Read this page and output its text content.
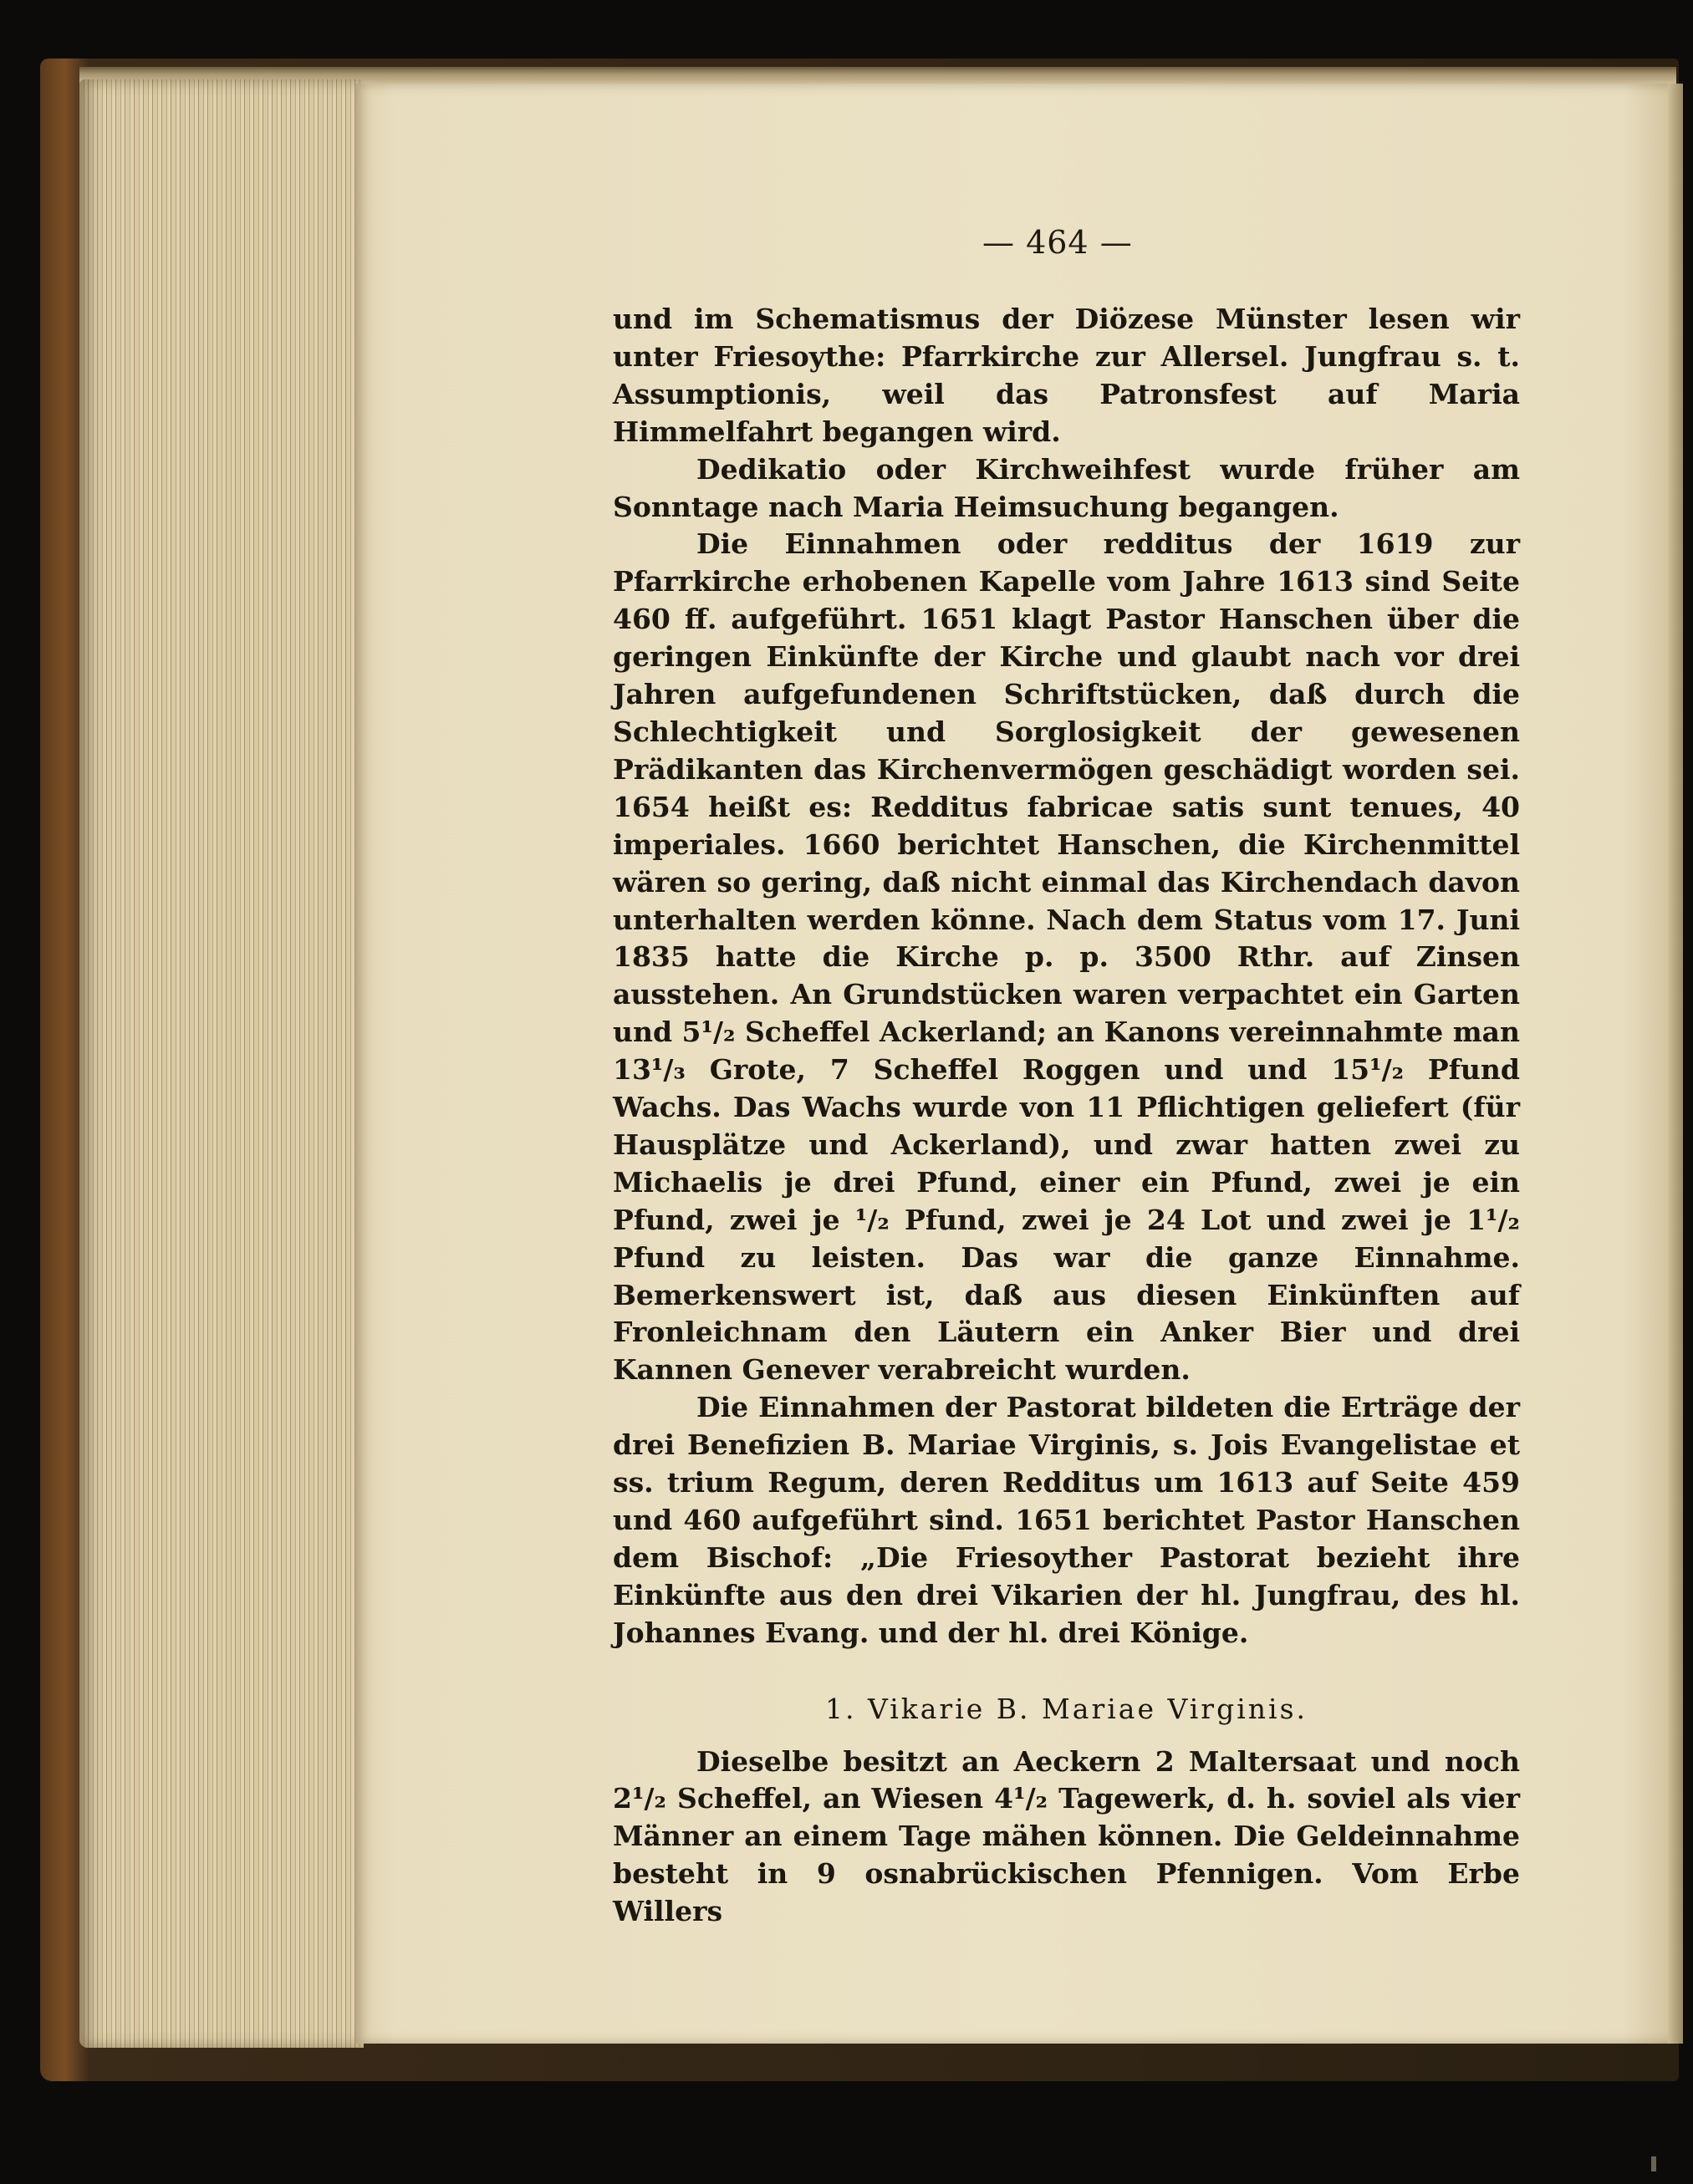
— 464 —

und im Schematismus der Diözese Münster lesen wir unter Friesoythe: Pfarrkirche zur Allersel. Jungfrau s. t. Assumptionis, weil das Patronsfest auf Maria Himmelfahrt begangen wird.

Dedikatio oder Kirchweihfest wurde früher am Sonntage nach Maria Heimsuchung begangen.

Die Einnahmen oder redditus der 1619 zur Pfarrkirche erhobenen Kapelle vom Jahre 1613 sind Seite 460 ff. aufgeführt. 1651 klagt Pastor Hanschen über die geringen Einkünfte der Kirche und glaubt nach vor drei Jahren aufgefundenen Schriftstücken, daß durch die Schlechtigkeit und Sorglosigkeit der gewesenen Prädikanten das Kirchenvermögen geschädigt worden sei. 1654 heißt es: Redditus fabricae satis sunt tenues, 40 imperiales. 1660 berichtet Hanschen, die Kirchenmittel wären so gering, daß nicht einmal das Kirchendach davon unterhalten werden könne. Nach dem Status vom 17. Juni 1835 hatte die Kirche p. p. 3500 Rthr. auf Zinsen ausstehen. An Grundstücken waren verpachtet ein Garten und 5¹/₂ Scheffel Ackerland; an Kanons vereinnahmte man 13¹/₃ Grote, 7 Scheffel Roggen und und 15¹/₂ Pfund Wachs. Das Wachs wurde von 11 Pflichtigen geliefert (für Hausplätze und Ackerland), und zwar hatten zwei zu Michaelis je drei Pfund, einer ein Pfund, zwei je ein Pfund, zwei je ¹/₂ Pfund, zwei je 24 Lot und zwei je 1¹/₂ Pfund zu leisten. Das war die ganze Einnahme. Bemerkenswert ist, daß aus diesen Einkünften auf Fronleichnam den Läutern ein Anker Bier und drei Kannen Genever verabreicht wurden.

Die Einnahmen der Pastorat bildeten die Erträge der drei Benefizien B. Mariae Virginis, s. Jois Evangelistae et ss. trium Regum, deren Redditus um 1613 auf Seite 459 und 460 aufgeführt sind. 1651 berichtet Pastor Hanschen dem Bischof: „Die Friesoyther Pastorat bezieht ihre Einkünfte aus den drei Vikarien der hl. Jungfrau, des hl. Johannes Evang. und der hl. drei Könige.

1. Vikarie B. Mariae Virginis.

Dieselbe besitzt an Aeckern 2 Maltersaat und noch 2¹/₂ Scheffel, an Wiesen 4¹/₂ Tagewerk, d. h. soviel als vier Männer an einem Tage mähen können. Die Geldeinnahme besteht in 9 osnabrückischen Pfennigen. Vom Erbe Willers
